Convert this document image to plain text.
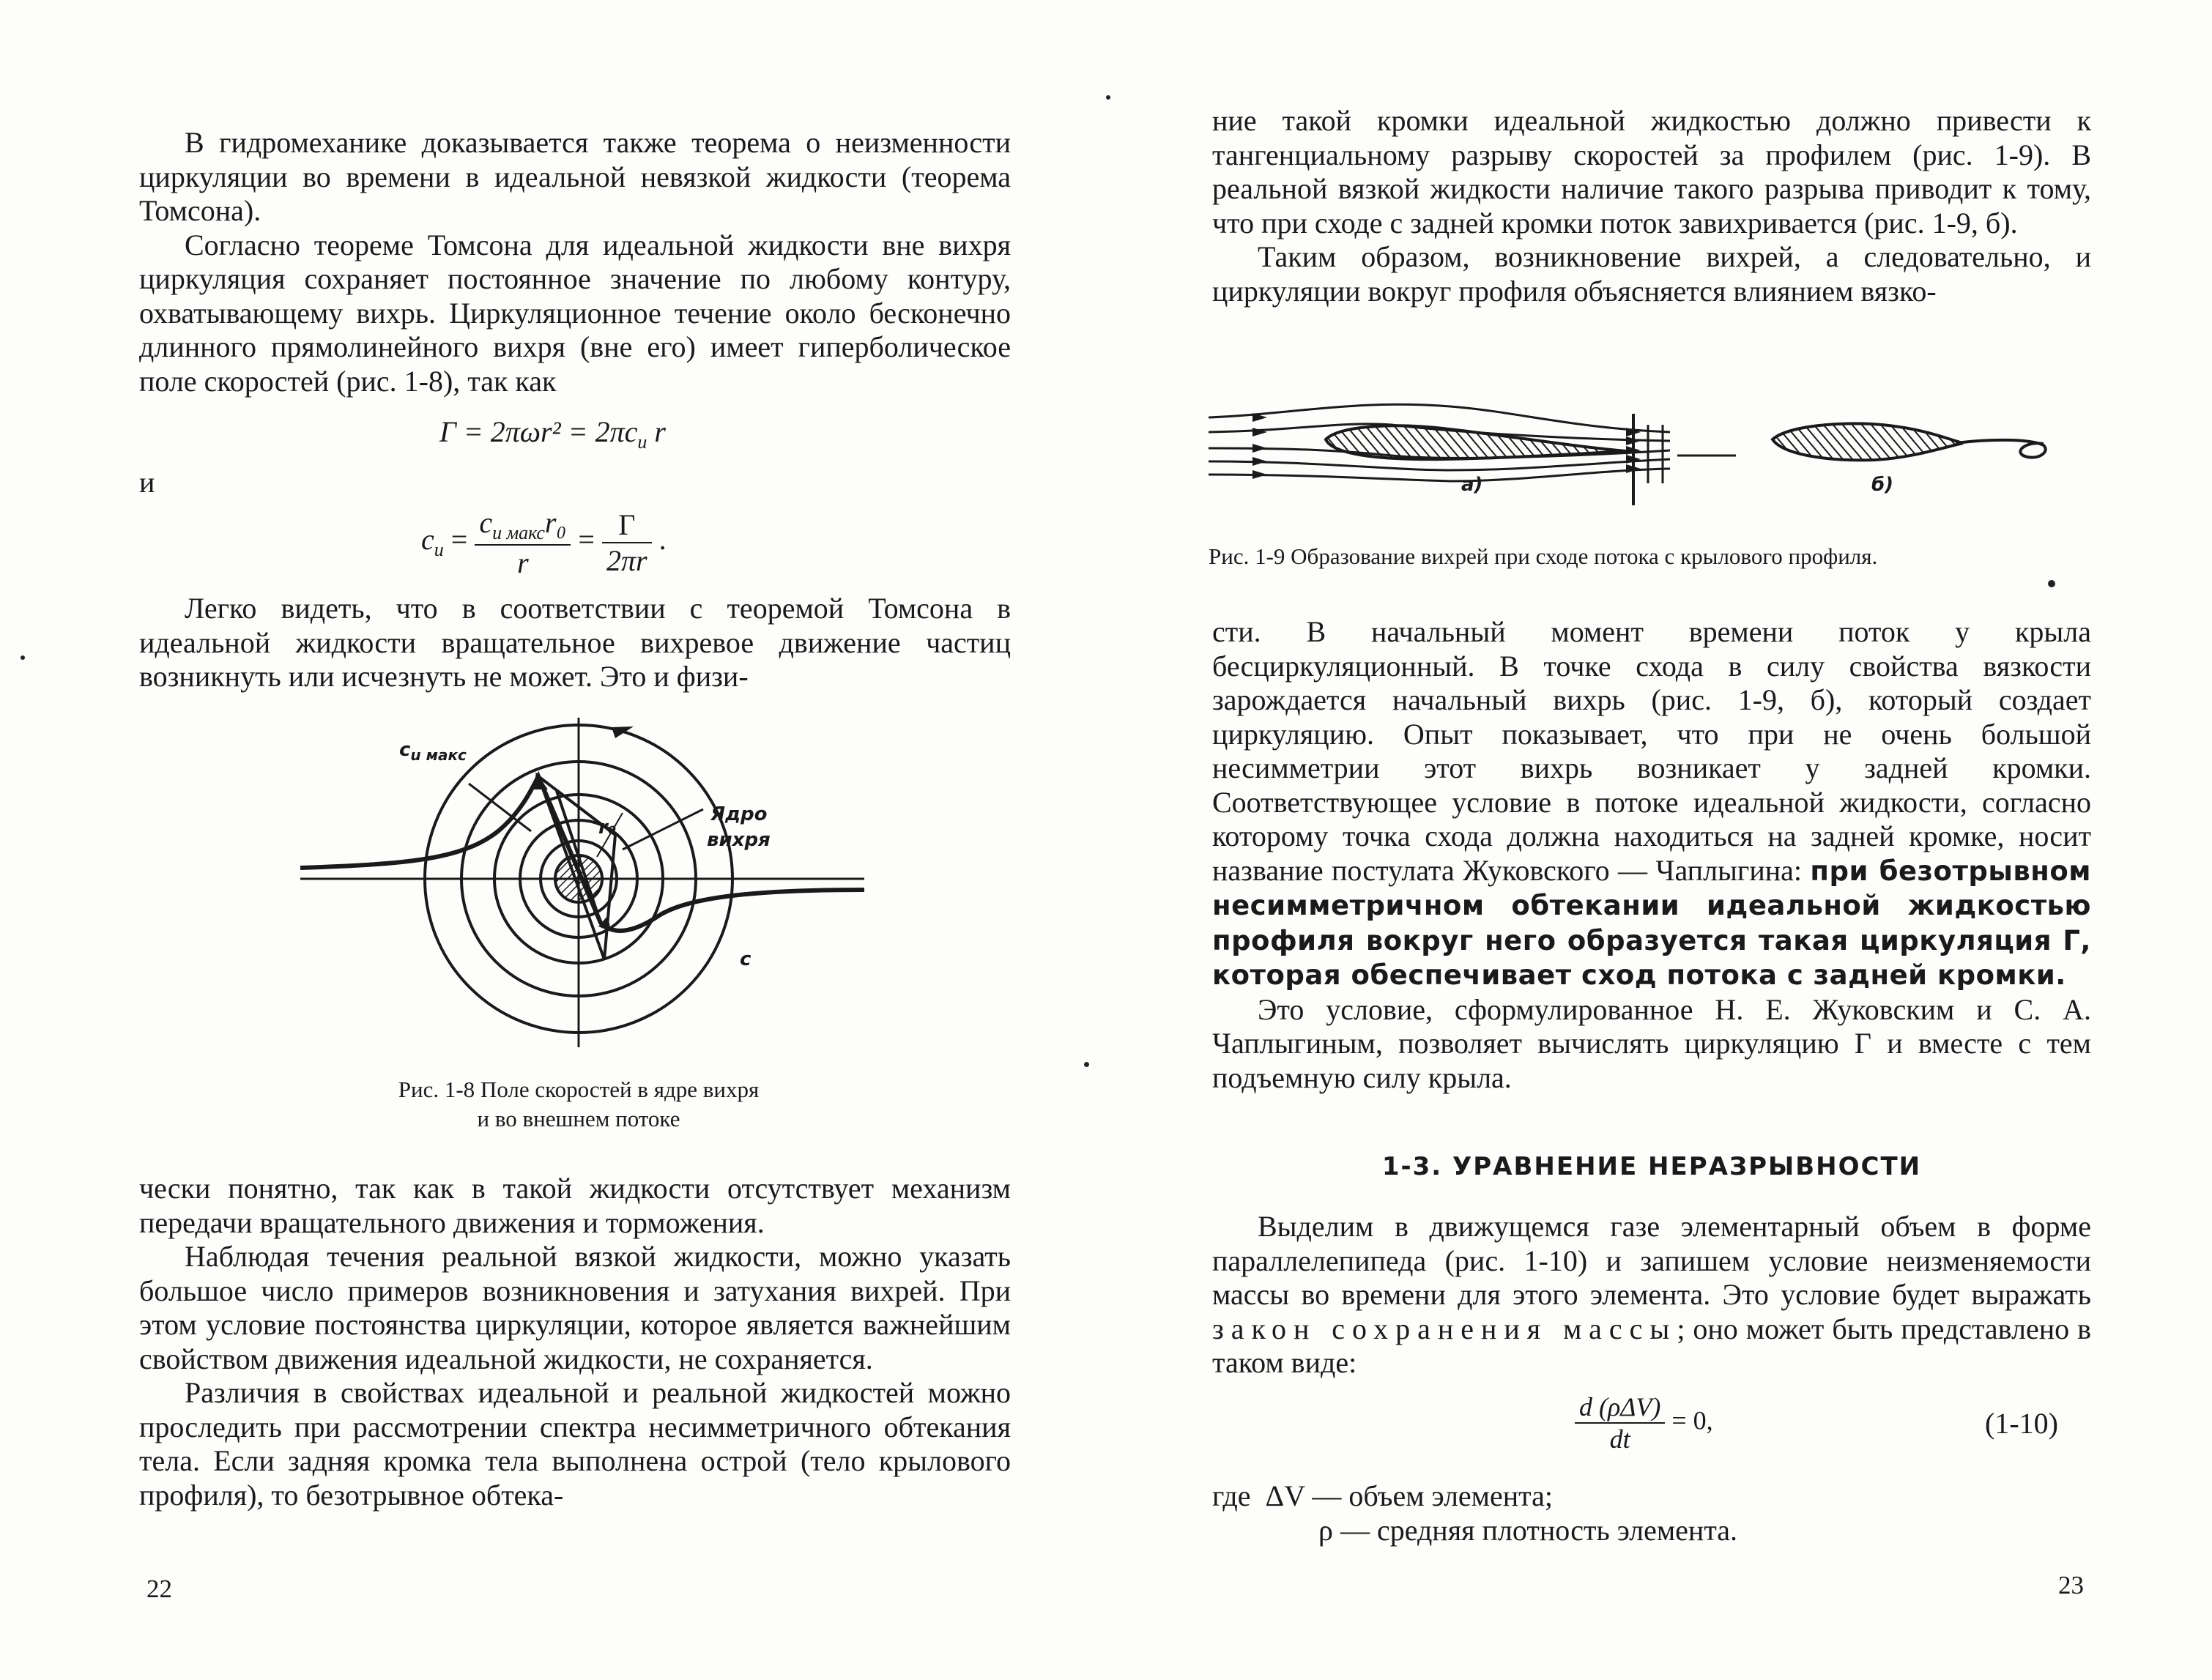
В гидромеханике доказывается также теорема о неизменности циркуляции во времени в идеальной невязкой жидкости (теорема Томсона).

Согласно теореме Томсона для идеальной жидкости вне вихря циркуляция сохраняет постоянное значение по любому контуру, охватывающему вихрь. Циркуляционное течение около бесконечно длинного прямолинейного вихря (вне его) имеет гиперболическое поле скоростей (рис. 1-8), так как

$\Gamma = 2\pi\omega r^2 = 2\pi c_u$ r
и
$c_u = \frac{c_{u макс}r_0}{r} = \frac{\Gamma}{2\pi r}$ .

Легко видеть, что в соответствии с теоремой Томсона в идеальной жидкости вращательное вихревое движение частиц возникнуть или исчезнуть не может. Это и физи-

$c_{u макс}$
r₀
Ядро
вихря
c
Рис. 1-8 Поле скоростей в ядре вихря
и во внешнем потоке

чески понятно, так как в такой жидкости отсутствует механизм передачи вращательного движения и торможения.

Наблюдая течения реальной вязкой жидкости, можно указать большое число примеров возникновения и затухания вихрей. При этом условие постоянства циркуляции, которое является важнейшим свойством движения идеальной жидкости, не сохраняется.

Различия в свойствах идеальной и реальной жидкостей можно проследить при рассмотрении спектра несимметричного обтекания тела. Если задняя кромка тела выполнена острой (тело крылового профиля), то безотрывное обтека-

22

ние такой кромки идеальной жидкостью должно привести к тангенциальному разрыву скоростей за профилем (рис. 1-9). В реальной вязкой жидкости наличие такого разрыва приводит к тому, что при сходе с задней кромки поток завихривается (рис. 1-9, б).

Таким образом, возникновение вихрей, а следовательно, и циркуляции вокруг профиля объясняется влиянием вязко-

а)	б)
Рис. 1-9 Образование вихрей при сходе потока с крылового профиля.

сти. В начальный момент времени поток у крыла бесциркуляционный. В точке схода в силу свойства вязкости зарождается начальный вихрь (рис. 1-9, б), который создает циркуляцию. Опыт показывает, что при не очень большой несимметрии этот вихрь возникает у задней кромки. Соответствующее условие в потоке идеальной жидкости, согласно которому точка схода должна находиться на задней кромке, носит название постулата Жуковского — Чаплыгина: при безотрывном несимметричном обтекании идеальной жидкостью профиля вокруг него образуется такая циркуляция Γ, которая обеспечивает сход потока с задней кромки.

Это условие, сформулированное Н. Е. Жуковским и С. А. Чаплыгиным, позволяет вычислять циркуляцию Γ и вместе с тем подъемную силу крыла.

1-3. УРАВНЕНИЕ НЕРАЗРЫВНОСТИ

Выделим в движущемся газе элементарный объем в форме параллелепипеда (рис. 1-10) и запишем условие неизменяемости массы во времени для этого элемента. Это условие будет выражать закон сохранения массы; оно может быть представлено в таком виде:

$\frac{\text{d (ρΔV)}}{dt} = 0$,	(1-10)
где ΔV — объем элемента;
ρ — средняя плотность элемента.
23
